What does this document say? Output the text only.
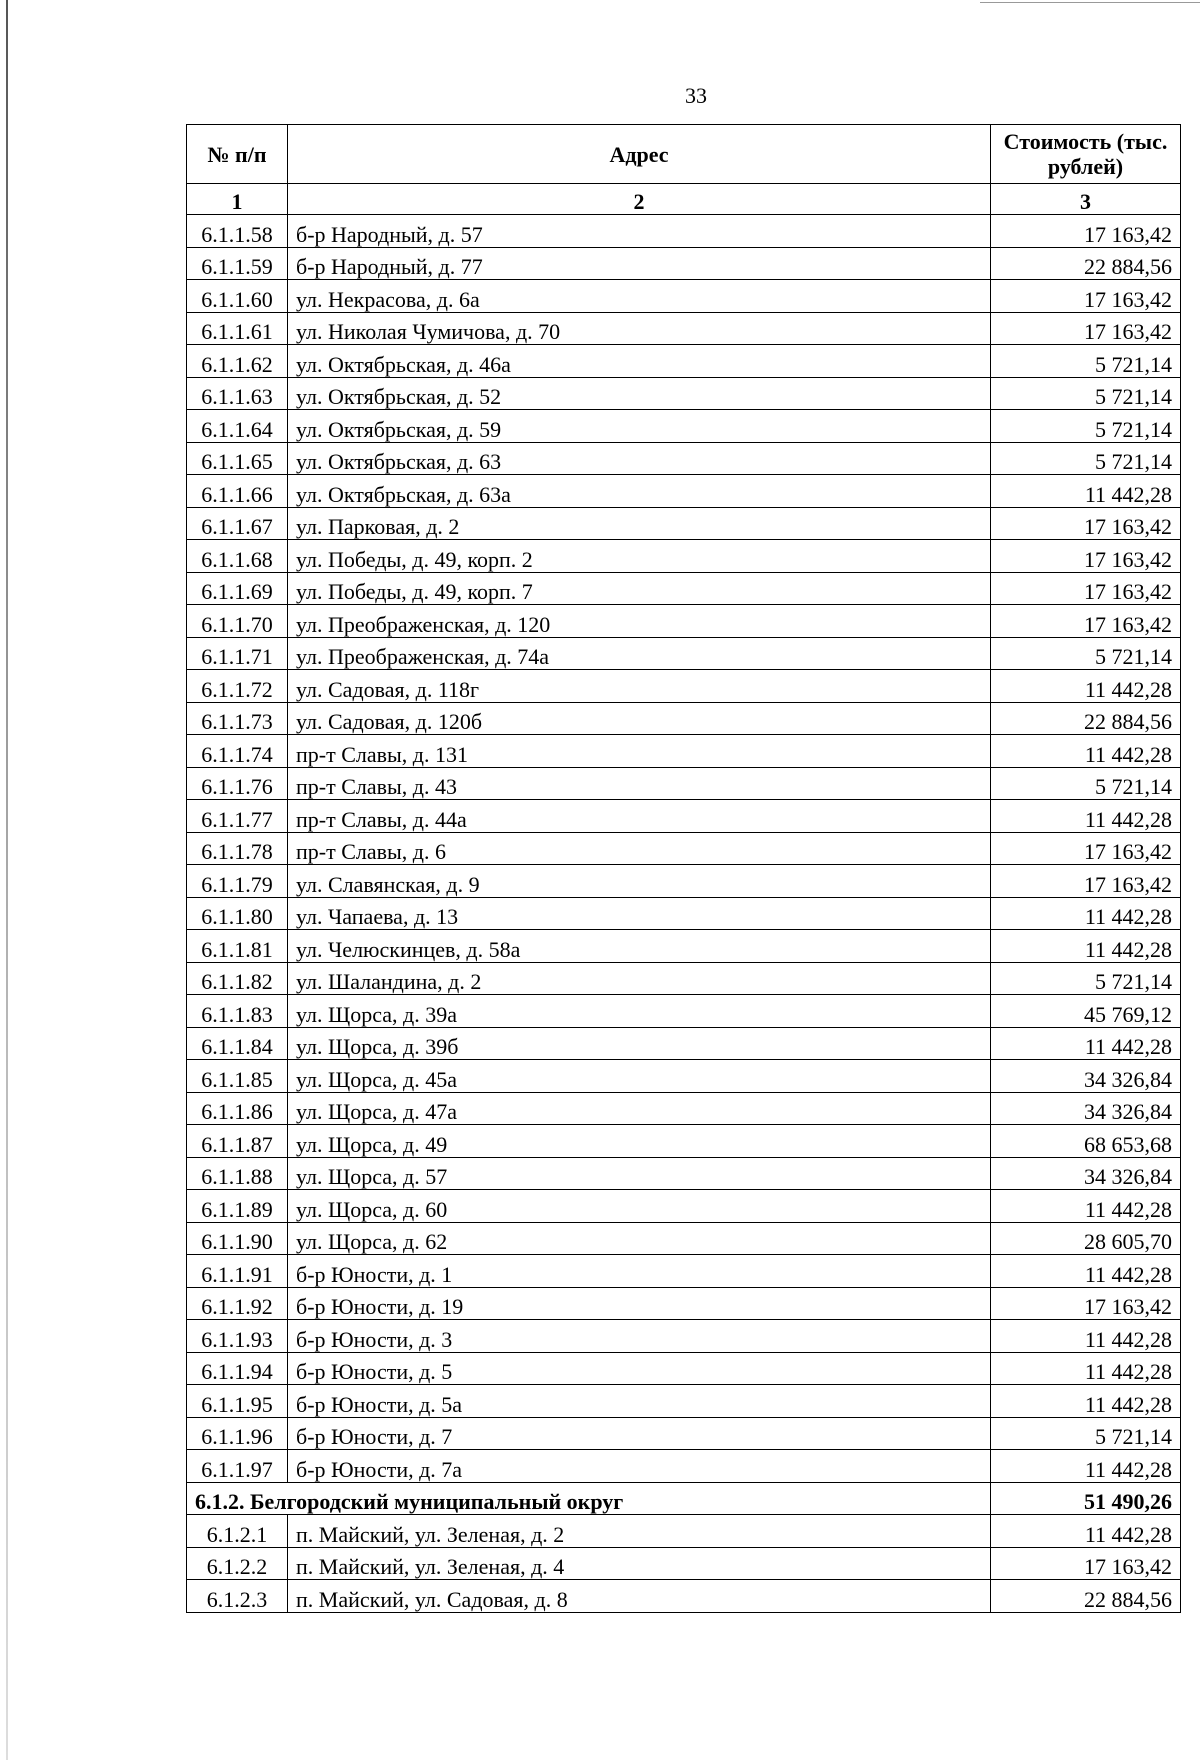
33
№ п/п	Адрес	Стоимость (тыс. рублей)
1	2	3
6.1.1.58	б-р Народный, д. 57	17 163,42
6.1.1.59	б-р Народный, д. 77	22 884,56
6.1.1.60	ул. Некрасова, д. 6а	17 163,42
6.1.1.61	ул. Николая Чумичова, д. 70	17 163,42
6.1.1.62	ул. Октябрьская, д. 46а	5 721,14
6.1.1.63	ул. Октябрьская, д. 52	5 721,14
6.1.1.64	ул. Октябрьская, д. 59	5 721,14
6.1.1.65	ул. Октябрьская, д. 63	5 721,14
6.1.1.66	ул. Октябрьская, д. 63а	11 442,28
6.1.1.67	ул. Парковая, д. 2	17 163,42
6.1.1.68	ул. Победы, д. 49, корп. 2	17 163,42
6.1.1.69	ул. Победы, д. 49, корп. 7	17 163,42
6.1.1.70	ул. Преображенская, д. 120	17 163,42
6.1.1.71	ул. Преображенская, д. 74а	5 721,14
6.1.1.72	ул. Садовая, д. 118г	11 442,28
6.1.1.73	ул. Садовая, д. 120б	22 884,56
6.1.1.74	пр-т Славы, д. 131	11 442,28
6.1.1.76	пр-т Славы, д. 43	5 721,14
6.1.1.77	пр-т Славы, д. 44а	11 442,28
6.1.1.78	пр-т Славы, д. 6	17 163,42
6.1.1.79	ул. Славянская, д. 9	17 163,42
6.1.1.80	ул. Чапаева, д. 13	11 442,28
6.1.1.81	ул. Челюскинцев, д. 58а	11 442,28
6.1.1.82	ул. Шаландина, д. 2	5 721,14
6.1.1.83	ул. Щорса, д. 39а	45 769,12
6.1.1.84	ул. Щорса, д. 39б	11 442,28
6.1.1.85	ул. Щорса, д. 45а	34 326,84
6.1.1.86	ул. Щорса, д. 47а	34 326,84
6.1.1.87	ул. Щорса, д. 49	68 653,68
6.1.1.88	ул. Щорса, д. 57	34 326,84
6.1.1.89	ул. Щорса, д. 60	11 442,28
6.1.1.90	ул. Щорса, д. 62	28 605,70
6.1.1.91	б-р Юности, д. 1	11 442,28
6.1.1.92	б-р Юности, д. 19	17 163,42
6.1.1.93	б-р Юности, д. 3	11 442,28
6.1.1.94	б-р Юности, д. 5	11 442,28
6.1.1.95	б-р Юности, д. 5а	11 442,28
6.1.1.96	б-р Юности, д. 7	5 721,14
6.1.1.97	б-р Юности, д. 7а	11 442,28
6.1.2. Белгородский муниципальный округ		51 490,26
6.1.2.1	п. Майский, ул. Зеленая, д. 2	11 442,28
6.1.2.2	п. Майский, ул. Зеленая, д. 4	17 163,42
6.1.2.3	п. Майский, ул. Садовая, д. 8	22 884,56
